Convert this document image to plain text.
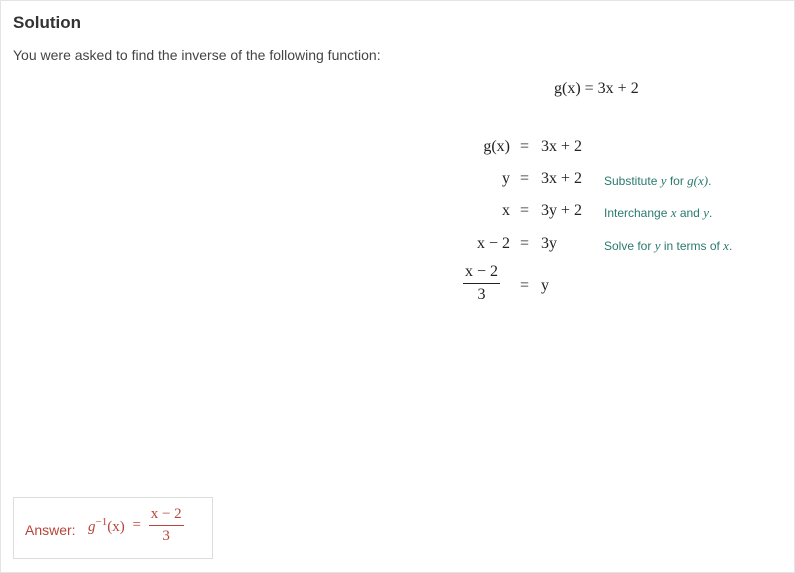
Solution
You were asked to find the inverse of the following function:
g(x) = 3x + 2
g(x) = 3x + 2
y = 3x + 2 Substitute y for g(x).
x = 3y + 2 Interchange x and y.
x − 2 = 3y	Solve for y in terms of x.
$\frac{x - 2}{3} = y$
Answer: $g^{-1}(x) = \frac{x - 2}{3}$
